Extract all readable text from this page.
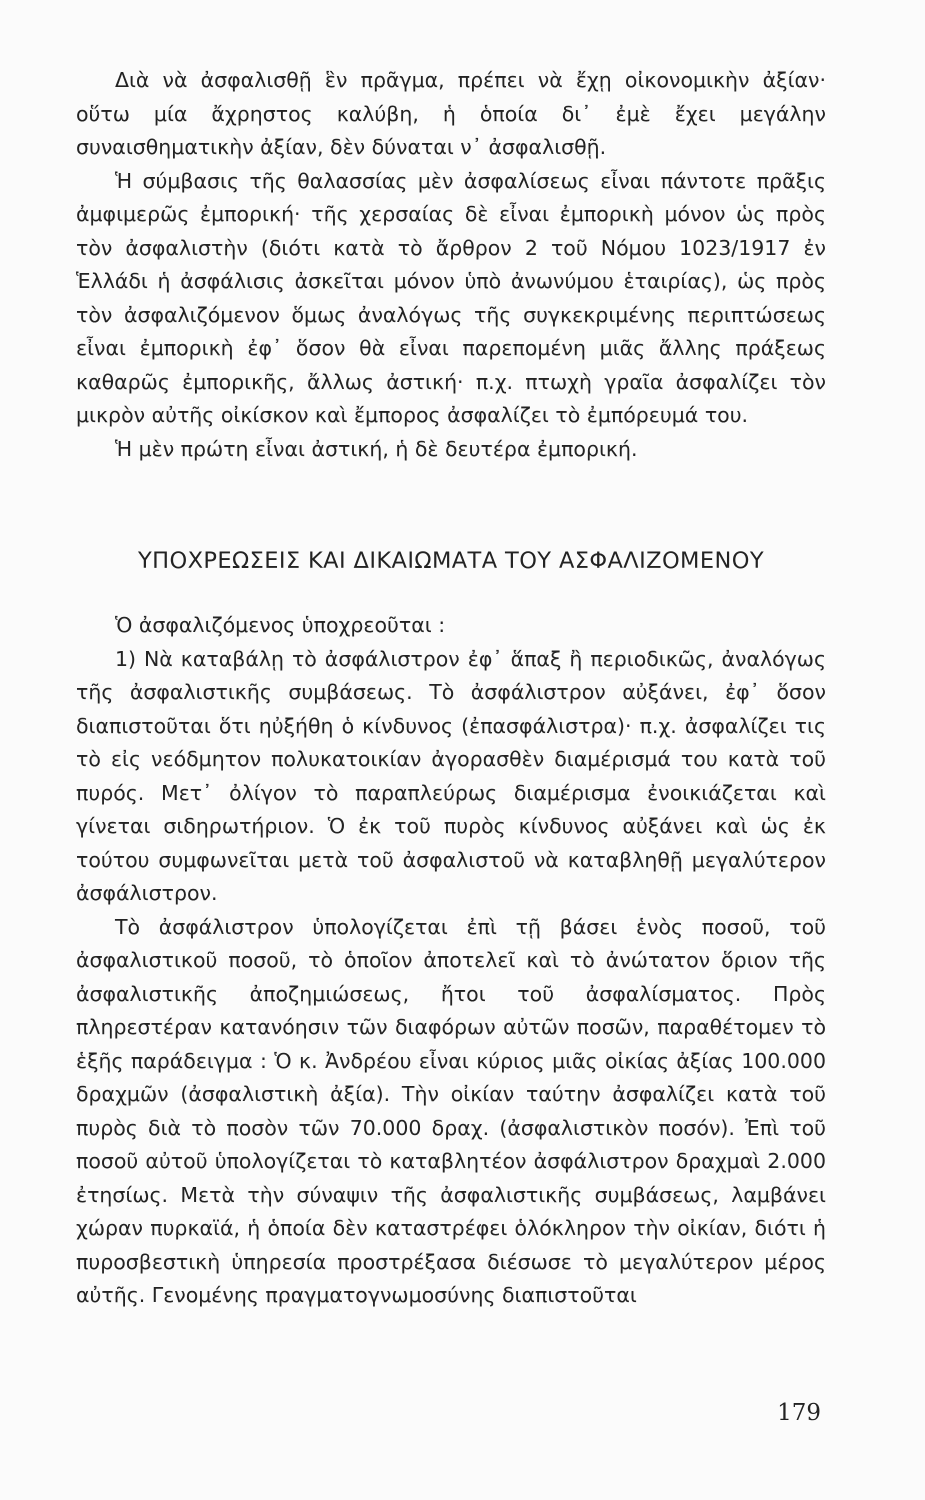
Διὰ νὰ ἀσφαλισθῇ ἓν πρᾶγμα, πρέπει νὰ ἔχῃ οἰκονομικὴν ἀξίαν· οὕτω μία ἄχρηστος καλύβη, ἡ ὁποία δι᾽ ἐμὲ ἔχει μεγάλην συναισθηματικὴν ἀξίαν, δὲν δύναται ν᾽ ἀσφαλισθῇ.

Ἡ σύμβασις τῆς θαλασσίας μὲν ἀσφαλίσεως εἶναι πάντοτε πρᾶξις ἀμφιμερῶς ἐμπορική· τῆς χερσαίας δὲ εἶναι ἐμπορικὴ μόνον ὡς πρὸς τὸν ἀσφαλιστὴν (διότι κατὰ τὸ ἄρθρον 2 τοῦ Νόμου 1023/1917 ἐν Ἑλλάδι ἡ ἀσφάλισις ἀσκεῖται μόνον ὑπὸ ἀνωνύμου ἑταιρίας), ὡς πρὸς τὸν ἀσφαλιζόμενον ὅμως ἀναλόγως τῆς συγκεκριμένης περιπτώσεως εἶναι ἐμπορικὴ ἐφ᾽ ὅσον θὰ εἶναι παρεπομένη μιᾶς ἄλλης πράξεως καθαρῶς ἐμπορικῆς, ἄλλως ἀστική· π.χ. πτωχὴ γραῖα ἀσφαλίζει τὸν μικρὸν αὐτῆς οἰκίσκον καὶ ἔμπορος ἀσφαλίζει τὸ ἐμπόρευμά του.

Ἡ μὲν πρώτη εἶναι ἀστική, ἡ δὲ δευτέρα ἐμπορική.

ΥΠΟΧΡΕΩΣΕΙΣ ΚΑΙ ΔΙΚΑΙΩΜΑΤΑ ΤΟΥ ΑΣΦΑΛΙΖΟΜΕΝΟΥ

Ὁ ἀσφαλιζόμενος ὑποχρεοῦται :

1) Νὰ καταβάλῃ τὸ ἀσφάλιστρον ἐφ᾽ ἅπαξ ἢ περιοδικῶς, ἀναλόγως τῆς ἀσφαλιστικῆς συμβάσεως. Τὸ ἀσφάλιστρον αὐξάνει, ἐφ᾽ ὅσον διαπιστοῦται ὅτι ηὐξήθη ὁ κίνδυνος (ἐπασφάλιστρα)· π.χ. ἀσφαλίζει τις τὸ εἰς νεόδμητον πολυκατοικίαν ἀγορασθὲν διαμέρισμά του κατὰ τοῦ πυρός. Μετ᾽ ὀλίγον τὸ παραπλεύρως διαμέρισμα ἐνοικιάζεται καὶ γίνεται σιδηρωτήριον. Ὁ ἐκ τοῦ πυρὸς κίνδυνος αὐξάνει καὶ ὡς ἐκ τούτου συμφωνεῖται μετὰ τοῦ ἀσφαλιστοῦ νὰ καταβληθῇ μεγαλύτερον ἀσφάλιστρον.

Τὸ ἀσφάλιστρον ὑπολογίζεται ἐπὶ τῇ βάσει ἑνὸς ποσοῦ, τοῦ ἀσφαλιστικοῦ ποσοῦ, τὸ ὁποῖον ἀποτελεῖ καὶ τὸ ἀνώτατον ὅριον τῆς ἀσφαλιστικῆς ἀποζημιώσεως, ἤτοι τοῦ ἀσφαλίσματος. Πρὸς πληρεστέραν κατανόησιν τῶν διαφόρων αὐτῶν ποσῶν, παραθέτομεν τὸ ἑξῆς παράδειγμα : Ὁ κ. Ἀνδρέου εἶναι κύριος μιᾶς οἰκίας ἀξίας 100.000 δραχμῶν (ἀσφαλιστικὴ ἀξία). Τὴν οἰκίαν ταύτην ἀσφαλίζει κατὰ τοῦ πυρὸς διὰ τὸ ποσὸν τῶν 70.000 δραχ. (ἀσφαλιστικὸν ποσόν). Ἐπὶ τοῦ ποσοῦ αὐτοῦ ὑπολογίζεται τὸ καταβλητέον ἀσφάλιστρον δραχμαὶ 2.000 ἐτησίως. Μετὰ τὴν σύναψιν τῆς ἀσφαλιστικῆς συμβάσεως, λαμβάνει χώραν πυρκαϊά, ἡ ὁποία δὲν καταστρέφει ὁλόκληρον τὴν οἰκίαν, διότι ἡ πυροσβεστικὴ ὑπηρεσία προστρέξασα διέσωσε τὸ μεγαλύτερον μέρος αὐτῆς. Γενομένης πραγματογνωμοσύνης διαπιστοῦται

179
